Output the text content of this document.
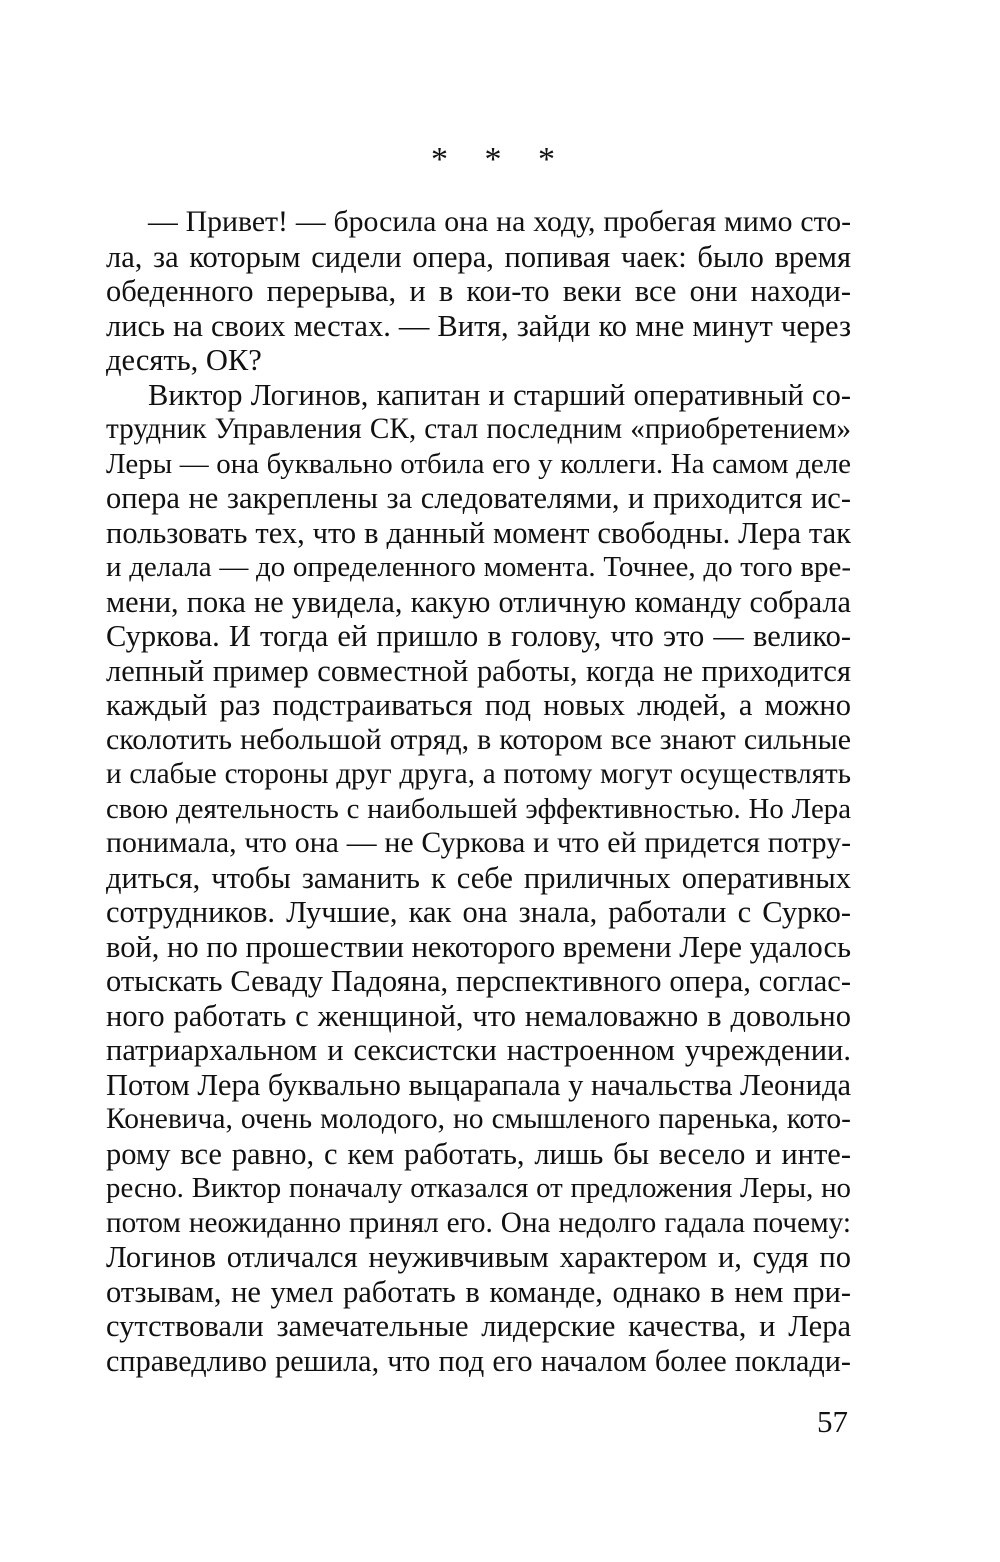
* * *
— Привет! — бросила она на ходу, пробегая мимо сто-
ла, за которым сидели опера, попивая чаек: было время
обеденного перерыва, и в кои-то веки все они находи-
лись на своих местах. — Витя, зайди ко мне минут через
десять, ОК?
Виктор Логинов, капитан и старший оперативный со-
трудник Управления СК, стал последним «приобретением»
Леры — она буквально отбила его у коллеги. На самом деле
опера не закреплены за следователями, и приходится ис-
пользовать тех, что в данный момент свободны. Лера так
и делала — до определенного момента. Точнее, до того вре-
мени, пока не увидела, какую отличную команду собрала
Суркова. И тогда ей пришло в голову, что это — велико-
лепный пример совместной работы, когда не приходится
каждый раз подстраиваться под новых людей, а можно
сколотить небольшой отряд, в котором все знают сильные
и слабые стороны друг друга, а потому могут осуществлять
свою деятельность с наибольшей эффективностью. Но Лера
понимала, что она — не Суркова и что ей придется потру-
диться, чтобы заманить к себе приличных оперативных
сотрудников. Лучшие, как она знала, работали с Сурко-
вой, но по прошествии некоторого времени Лере удалось
отыскать Севаду Падояна, перспективного опера, соглас-
ного работать с женщиной, что немаловажно в довольно
патриархальном и сексистски настроенном учреждении.
Потом Лера буквально выцарапала у начальства Леонида
Коневича, очень молодого, но смышленого паренька, кото-
рому все равно, с кем работать, лишь бы весело и инте-
ресно. Виктор поначалу отказался от предложения Леры, но
потом неожиданно принял его. Она недолго гадала почему:
Логинов отличался неуживчивым характером и, судя по
отзывам, не умел работать в команде, однако в нем при-
сутствовали замечательные лидерские качества, и Лера
справедливо решила, что под его началом более поклади-
57
